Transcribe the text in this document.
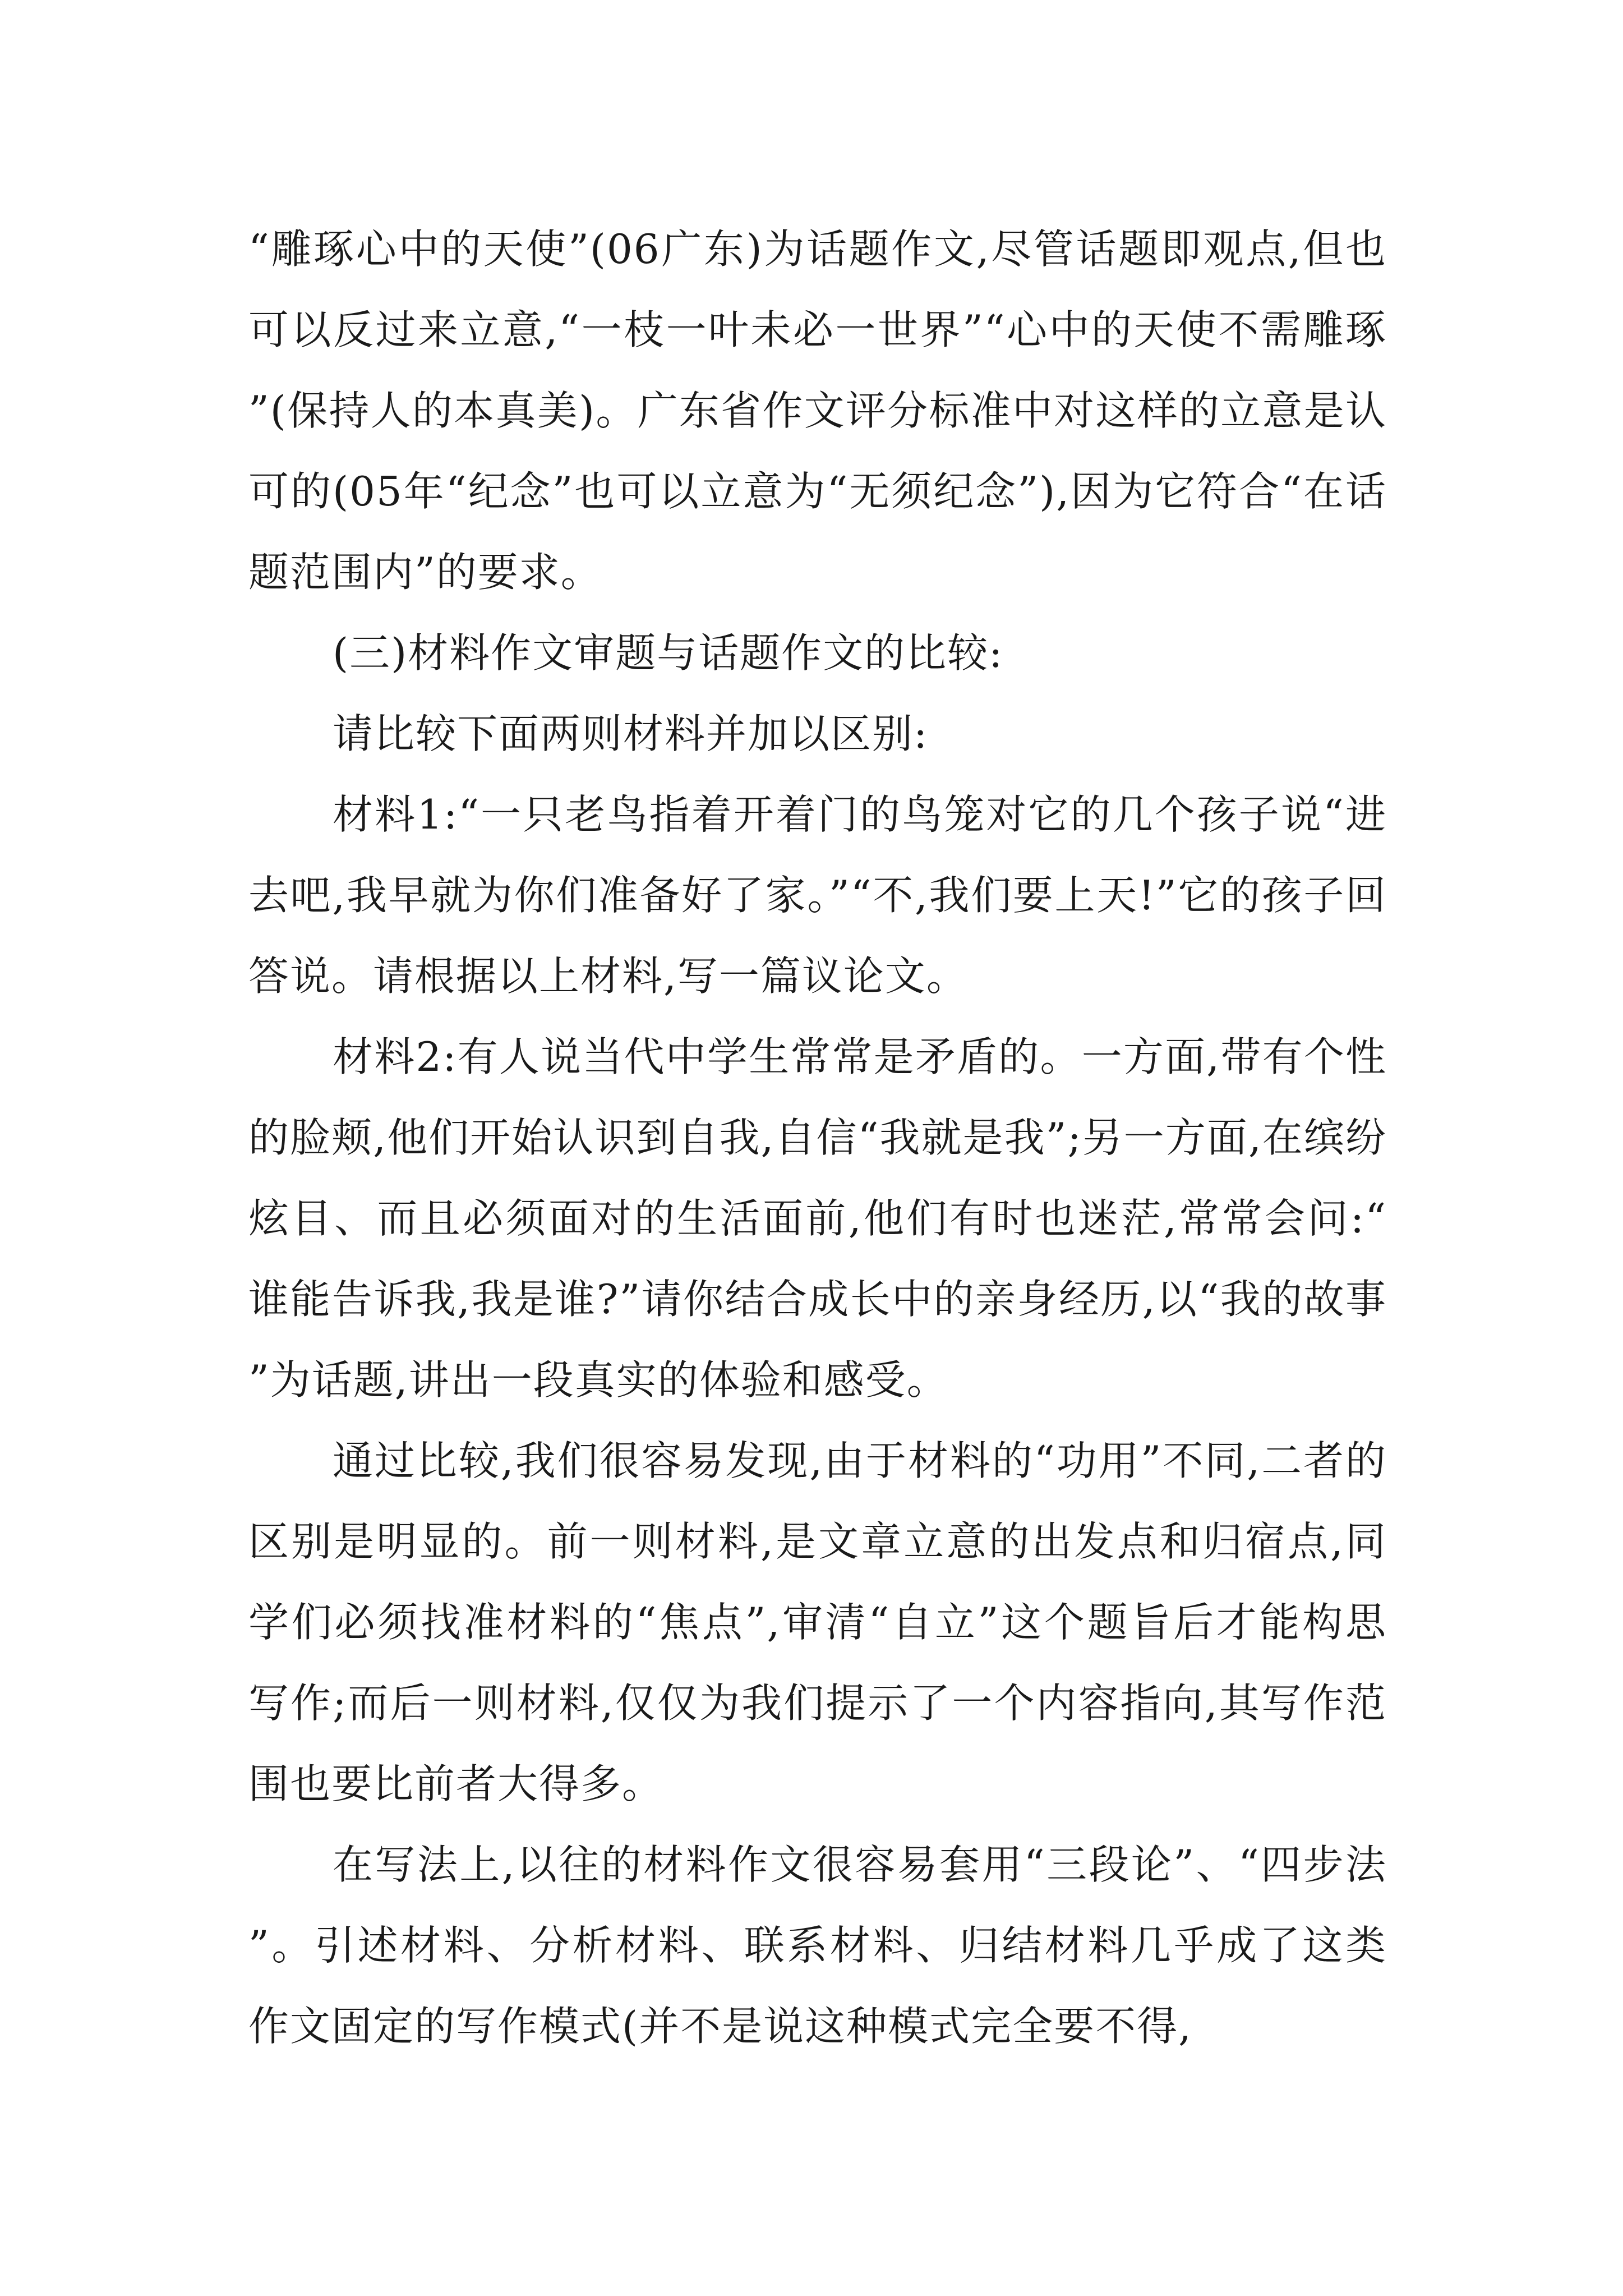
“雕琢心中的天使”(06广东)为话题作文,尽管话题即观点,但也可以反过来立意,“一枝一叶未必一世界”“心中的天使不需雕琢”(保持人的本真美)。广东省作文评分标准中对这样的立意是认可的(05年“纪念”也可以立意为“无须纪念”),因为它符合“在话题范围内”的要求。

(三)材料作文审题与话题作文的比较:

请比较下面两则材料并加以区别:

材料1:“一只老鸟指着开着门的鸟笼对它的几个孩子说“进去吧,我早就为你们准备好了家。”“不,我们要上天!”它的孩子回答说。请根据以上材料,写一篇议论文。

材料2:有人说当代中学生常常是矛盾的。一方面,带有个性的脸颊,他们开始认识到自我,自信“我就是我”;另一方面,在缤纷炫目、而且必须面对的生活面前,他们有时也迷茫,常常会问:“谁能告诉我,我是谁?”请你结合成长中的亲身经历,以“我的故事”为话题,讲出一段真实的体验和感受。

通过比较,我们很容易发现,由于材料的“功用”不同,二者的区别是明显的。前一则材料,是文章立意的出发点和归宿点,同学们必须找准材料的“焦点”,审清“自立”这个题旨后才能构思写作;而后一则材料,仅仅为我们提示了一个内容指向,其写作范围也要比前者大得多。

在写法上,以往的材料作文很容易套用“三段论”、“四步法”。引述材料、分析材料、联系材料、归结材料几乎成了这类作文固定的写作模式(并不是说这种模式完全要不得,
